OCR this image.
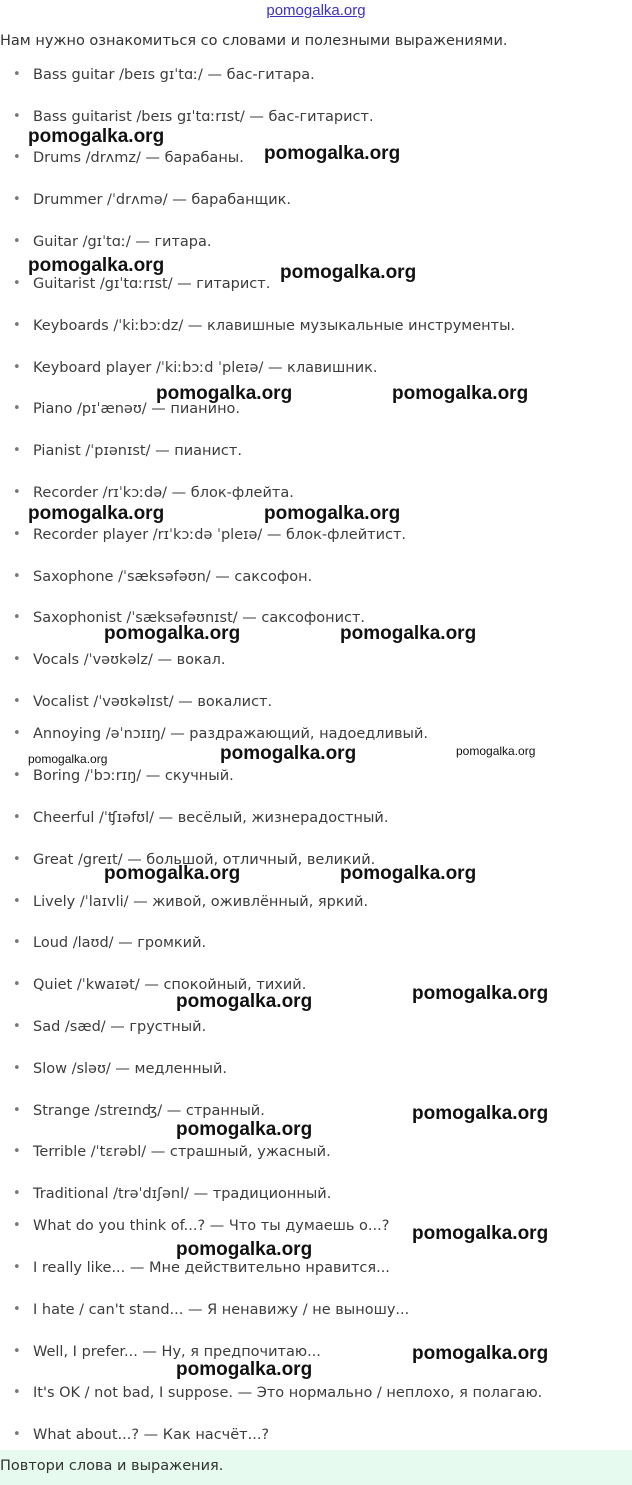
pomogalka.org
Нам нужно ознакомиться со словами и полезными выражениями.
• Bass guitar /beɪs gɪˈtɑː/ — бас-гитара.
• Bass guitarist /beɪs gɪˈtɑːrɪst/ — бас-гитарист.
• Drums /drʌmz/ — барабаны.
• Drummer /ˈdrʌmə/ — барабанщик.
• Guitar /gɪˈtɑː/ — гитара.
• Guitarist /gɪˈtɑːrɪst/ — гитарист.
• Keyboards /ˈkiːbɔːdz/ — клавишные музыкальные инструменты.
• Keyboard player /ˈkiːbɔːd ˈpleɪə/ — клавишник.
• Piano /pɪˈænəʊ/ — пианино.
• Pianist /ˈpɪənɪst/ — пианист.
• Recorder /rɪˈkɔːdə/ — блок-флейта.
• Recorder player /rɪˈkɔːdə ˈpleɪə/ — блок-флейтист.
• Saxophone /ˈsæksəfəʊn/ — саксофон.
• Saxophonist /ˈsæksəfəʊnɪst/ — саксофонист.
• Vocals /ˈvəʊkəlz/ — вокал.
• Vocalist /ˈvəʊkəlɪst/ — вокалист.
• Annoying /əˈnɔɪɪŋ/ — раздражающий, надоедливый.
• Boring /ˈbɔːrɪŋ/ — скучный.
• Cheerful /ˈʧɪəfʊl/ — весёлый, жизнерадостный.
• Great /greɪt/ — большой, отличный, великий.
• Lively /ˈlaɪvli/ — живой, оживлённый, яркий.
• Loud /laʊd/ — громкий.
• Quiet /ˈkwaɪət/ — спокойный, тихий.
• Sad /sæd/ — грустный.
• Slow /sləʊ/ — медленный.
• Strange /streɪnʤ/ — странный.
• Terrible /ˈtɛrəbl/ — страшный, ужасный.
• Traditional /trəˈdɪʃənl/ — традиционный.
• What do you think of...? — Что ты думаешь о...?
• I really like... — Мне действительно нравится...
• I hate / can't stand... — Я ненавижу / не выношу...
• Well, I prefer... — Ну, я предпочитаю...
• It's OK / not bad, I suppose. — Это нормально / неплохо, я полагаю.
• What about...? — Как насчёт...?
pomogalka.org
pomogalka.org
pomogalka.org	pomogalka.org
pomogalka.org	pomogalka.org
pomogalka.org	pomogalka.org
pomogalka.org	pomogalka.org
pomogalka.org	pomogalka.org	pomogalka.org
pomogalka.org	pomogalka.org
pomogalka.org	pomogalka.org
pomogalka.org
pomogalka.org
pomogalka.org
pomogalka.org
pomogalka.org
pomogalka.org
Повтори слова и выражения.
